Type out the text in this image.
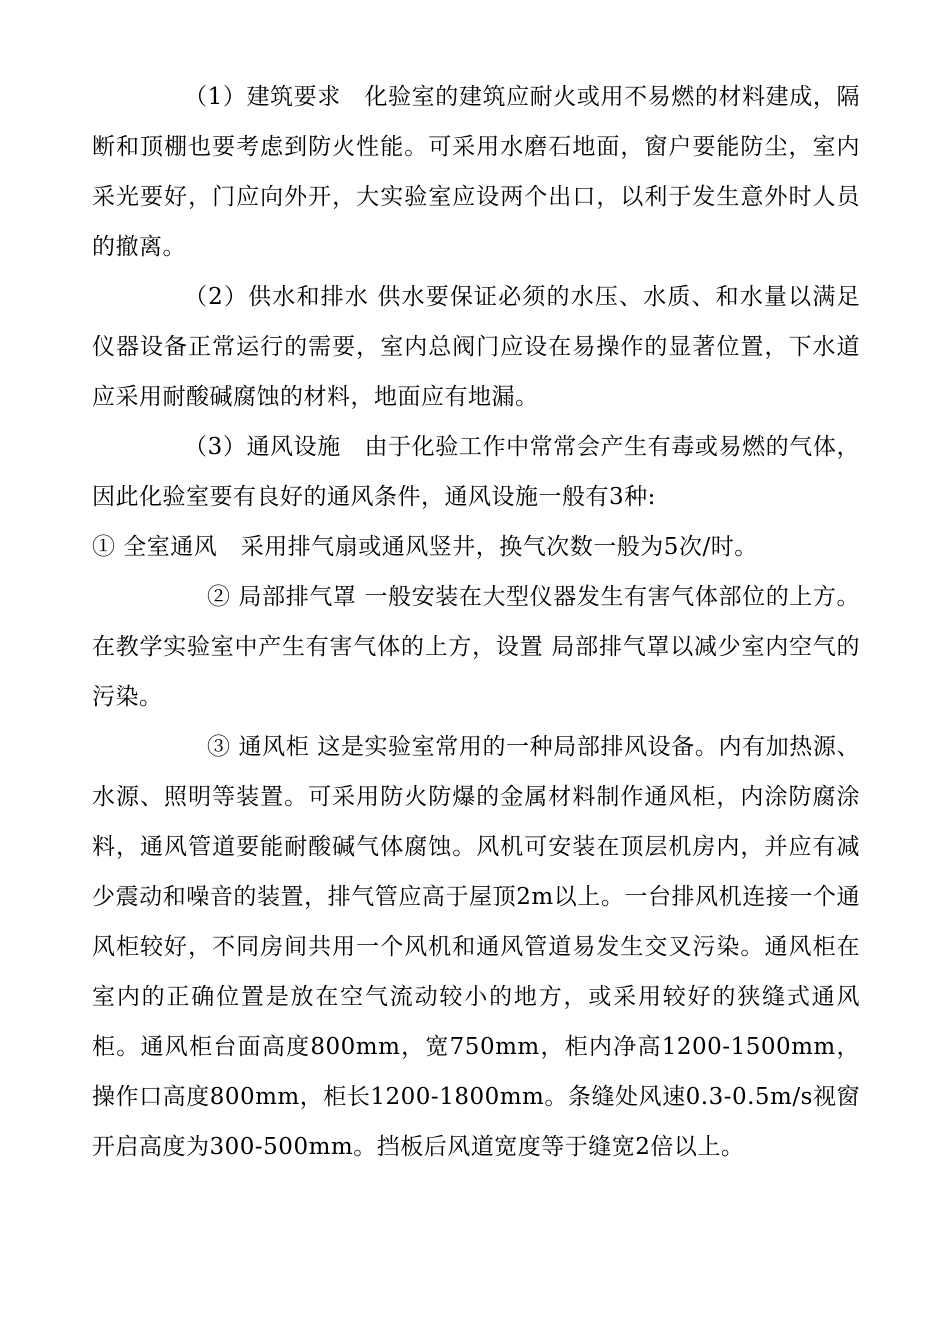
（1）建筑要求　化验室的建筑应耐火或用不易燃的材料建成，隔断和顶棚也要考虑到防火性能。可采用水磨石地面，窗户要能防尘，室内采光要好，门应向外开，大实验室应设两个出口，以利于发生意外时人员的撤离。

（2）供水和排水 供水要保证必须的水压、水质、和水量以满足仪器设备正常运行的需要，室内总阀门应设在易操作的显著位置，下水道应采用耐酸碱腐蚀的材料，地面应有地漏。

（3）通风设施　由于化验工作中常常会产生有毒或易燃的气体，因此化验室要有良好的通风条件，通风设施一般有3种:

① 全室通风　采用排气扇或通风竖井，换气次数一般为5次/时。

② 局部排气罩 一般安装在大型仪器发生有害气体部位的上方。在教学实验室中产生有害气体的上方，设置 局部排气罩以减少室内空气的污染。

③ 通风柜 这是实验室常用的一种局部排风设备。内有加热源、水源、照明等装置。可采用防火防爆的金属材料制作通风柜，内涂防腐涂料，通风管道要能耐酸碱气体腐蚀。风机可安装在顶层机房内，并应有减少震动和噪音的装置，排气管应高于屋顶2m以上。一台排风机连接一个通风柜较好，不同房间共用一个风机和通风管道易发生交叉污染。通风柜在室内的正确位置是放在空气流动较小的地方，或采用较好的狭缝式通风柜。通风柜台面高度800mm，宽750mm，柜内净高1200-1500mm，操作口高度800mm，柜长1200-1800mm。条缝处风速0.3-0.5m/s视窗开启高度为300-500mm。挡板后风道宽度等于缝宽2倍以上。
